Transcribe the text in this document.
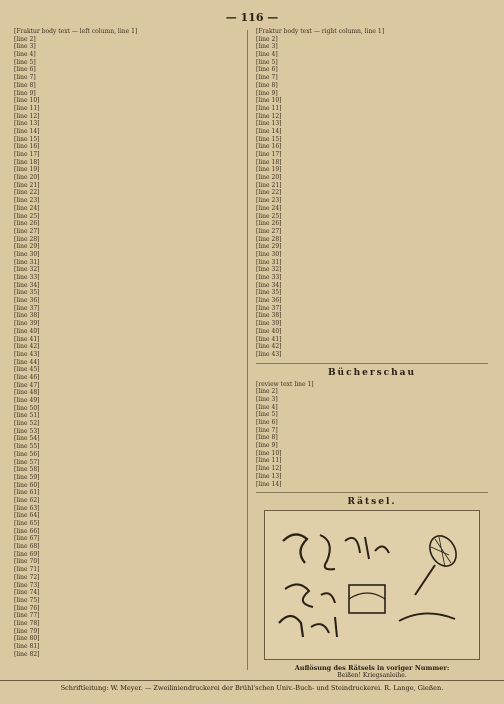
— 116 —
[Fraktur body text — left column, line 1]
[line 2]
[line 3]
[line 4]
[line 5]
[line 6]
[line 7]
[line 8]
[line 9]
[line 10]
[line 11]
[line 12]
[line 13]
[line 14]
[line 15]
[line 16]
[line 17]
[line 18]
[line 19]
[line 20]
[line 21]
[line 22]
[line 23]
[line 24]
[line 25]
[line 26]
[line 27]
[line 28]
[line 29]
[line 30]
[line 31]
[line 32]
[line 33]
[line 34]
[line 35]
[line 36]
[line 37]
[line 38]
[line 39]
[line 40]
[line 41]
[line 42]
[line 43]
[line 44]
[line 45]
[line 46]
[line 47]
[line 48]
[line 49]
[line 50]
[line 51]
[line 52]
[line 53]
[line 54]
[line 55]
[line 56]
[line 57]
[line 58]
[line 59]
[line 60]
[line 61]
[line 62]
[line 63]
[line 64]
[line 65]
[line 66]
[line 67]
[line 68]
[line 69]
[line 70]
[line 71]
[line 72]
[line 73]
[line 74]
[line 75]
[line 76]
[line 77]
[line 78]
[line 79]
[line 80]
[line 81]
[line 82]
[Fraktur body text — right column, line 1]
[line 2]
[line 3]
[line 4]
[line 5]
[line 6]
[line 7]
[line 8]
[line 9]
[line 10]
[line 11]
[line 12]
[line 13]
[line 14]
[line 15]
[line 16]
[line 17]
[line 18]
[line 19]
[line 20]
[line 21]
[line 22]
[line 23]
[line 24]
[line 25]
[line 26]
[line 27]
[line 28]
[line 29]
[line 30]
[line 31]
[line 32]
[line 33]
[line 34]
[line 35]
[line 36]
[line 37]
[line 38]
[line 39]
[line 40]
[line 41]
[line 42]
[line 43]
Bücherschau
[review text line 1]
[line 2]
[line 3]
[line 4]
[line 5]
[line 6]
[line 7]
[line 8]
[line 9]
[line 10]
[line 11]
[line 12]
[line 13]
[line 14]
Rätsel.
Auflösung des Rätsels in voriger Nummer:
Beißen! Kriegsanleihe.
Schriftleitung: W. Meyer. — Zweiliniendruckerei der Brühl'schen Univ.-Buch- und Steindruckerei. R. Lange, Gießen.
